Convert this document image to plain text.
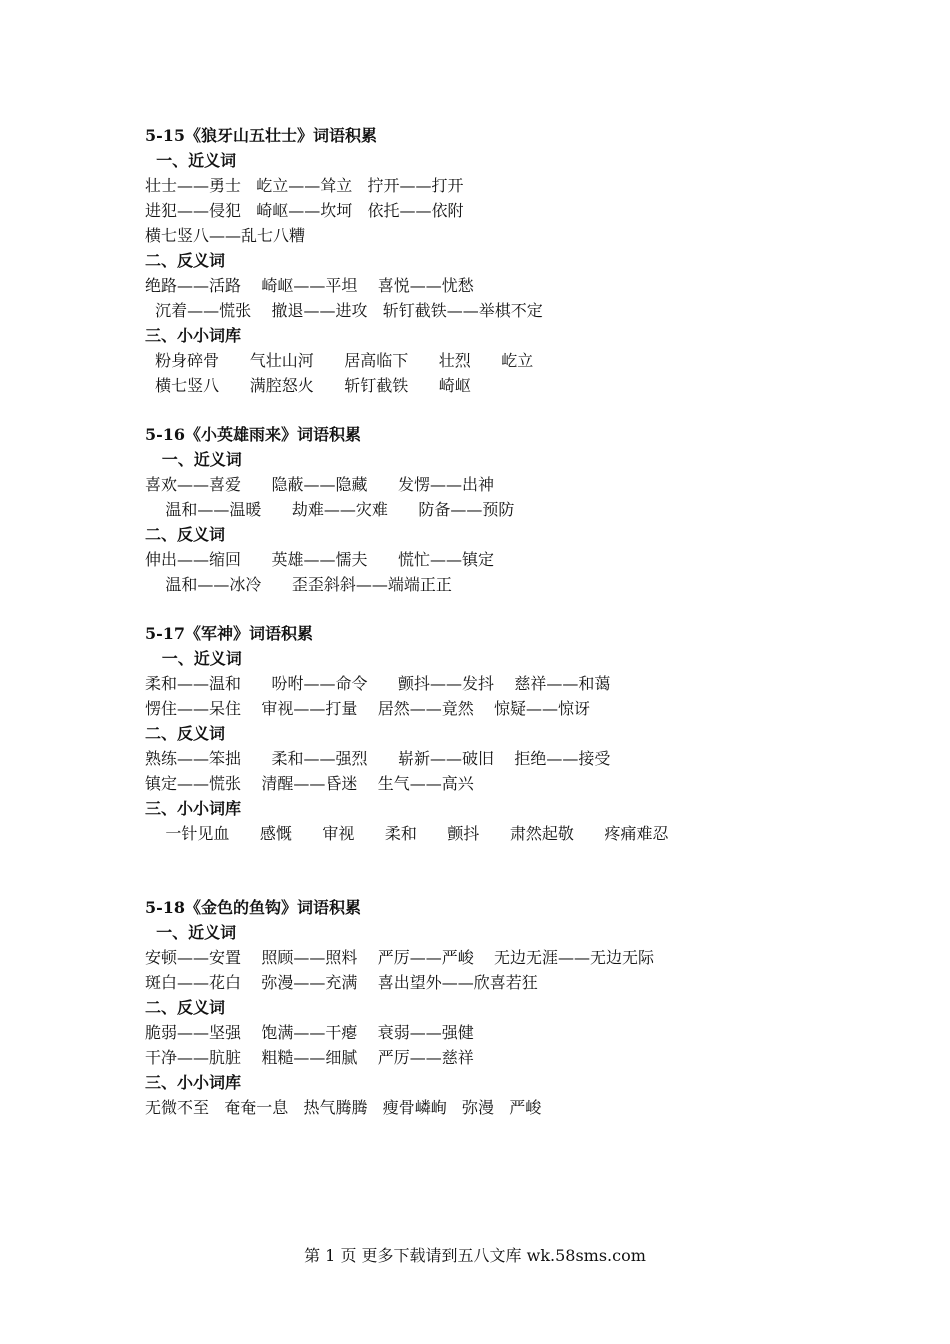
5-15《狼牙山五壮士》词语积累
一、近义词
壮士——勇士   屹立——耸立   拧开——打开
进犯——侵犯   崎岖——坎坷   依托——依附
横七竖八——乱七八糟
二、反义词
绝路——活路    崎岖——平坦    喜悦——忧愁
沉着——慌张    撤退——进攻   斩钉截铁——举棋不定
三、小小词库
粉身碎骨      气壮山河      居高临下      壮烈      屹立
横七竖八      满腔怒火      斩钉截铁      崎岖
5-16《小英雄雨来》词语积累
一、近义词
喜欢——喜爱      隐蔽——隐藏      发愣——出神
温和——温暖      劫难——灾难      防备——预防
二、反义词
伸出——缩回      英雄——懦夫      慌忙——镇定
温和——冰冷      歪歪斜斜——端端正正
5-17《军神》词语积累
一、近义词
柔和——温和      吩咐——命令      颤抖——发抖    慈祥——和蔼
愣住——呆住    审视——打量    居然——竟然    惊疑——惊讶
二、反义词
熟练——笨拙      柔和——强烈      崭新——破旧    拒绝——接受
镇定——慌张    清醒——昏迷    生气——高兴
三、小小词库
一针见血      感慨      审视      柔和      颤抖      肃然起敬      疼痛难忍
5-18《金色的鱼钩》词语积累
一、近义词
安顿——安置    照顾——照料    严厉——严峻    无边无涯——无边无际
斑白——花白    弥漫——充满    喜出望外——欣喜若狂
二、反义词
脆弱——坚强    饱满——干瘪    衰弱——强健
干净——肮脏    粗糙——细腻    严厉——慈祥
三、小小词库
无微不至   奄奄一息   热气腾腾   瘦骨嶙峋   弥漫   严峻
第 1 页 更多下载请到五八文库 wk.58sms.com
